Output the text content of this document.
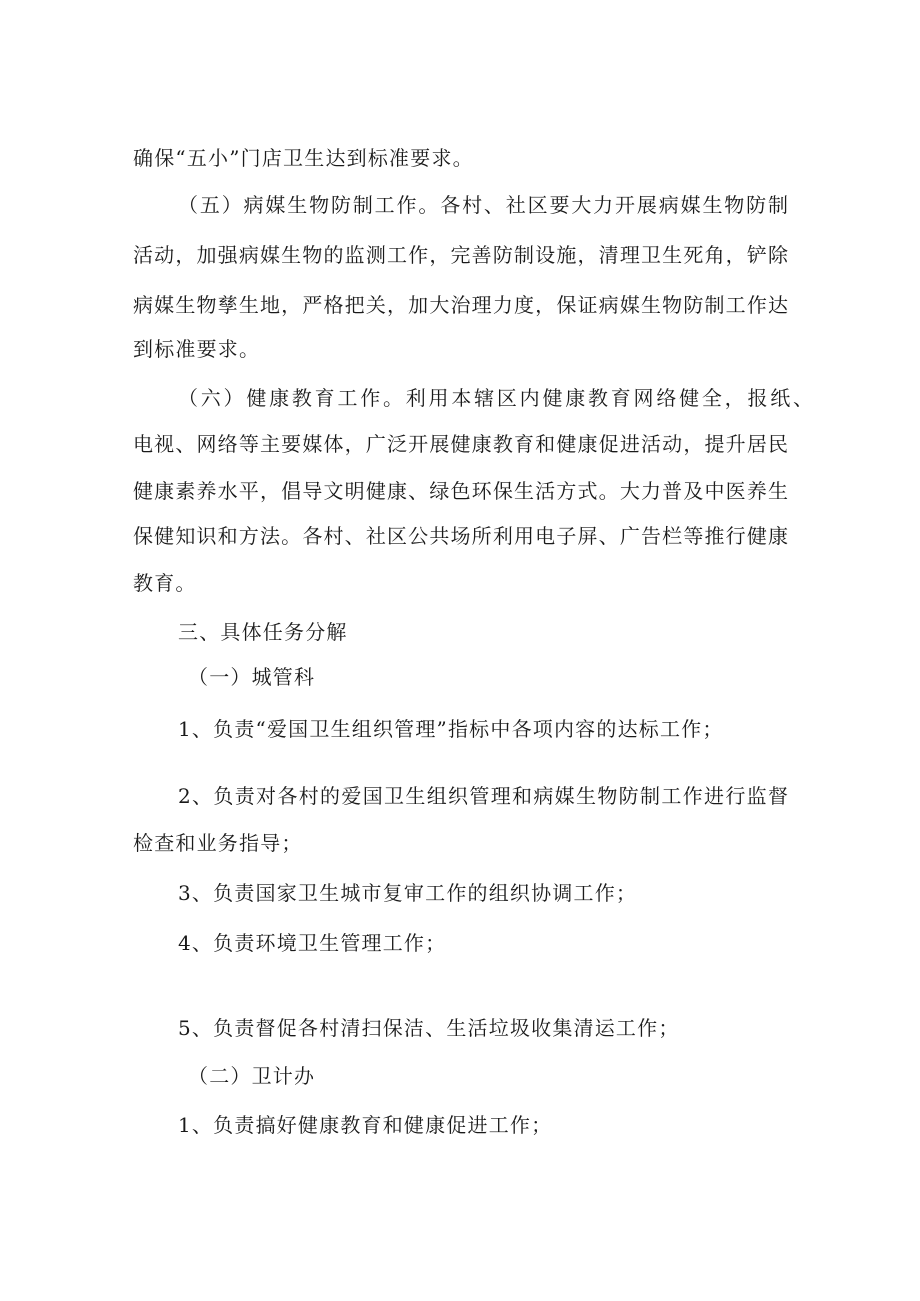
确保“五小”门店卫生达到标准要求。
（五）病媒生物防制工作。各村、社区要大力开展病媒生物防制
活动，加强病媒生物的监测工作，完善防制设施，清理卫生死角，铲除
病媒生物孳生地，严格把关，加大治理力度，保证病媒生物防制工作达
到标准要求。
（六）健康教育工作。利用本辖区内健康教育网络健全，报纸、
电视、网络等主要媒体，广泛开展健康教育和健康促进活动，提升居民
健康素养水平，倡导文明健康、绿色环保生活方式。大力普及中医养生
保健知识和方法。各村、社区公共场所利用电子屏、广告栏等推行健康
教育。
三、具体任务分解
（一）城管科
1、负责“爱国卫生组织管理”指标中各项内容的达标工作；
2、负责对各村的爱国卫生组织管理和病媒生物防制工作进行监督
检查和业务指导；
3、负责国家卫生城市复审工作的组织协调工作；
4、负责环境卫生管理工作；
5、负责督促各村清扫保洁、生活垃圾收集清运工作；
（二）卫计办
1、负责搞好健康教育和健康促进工作；
